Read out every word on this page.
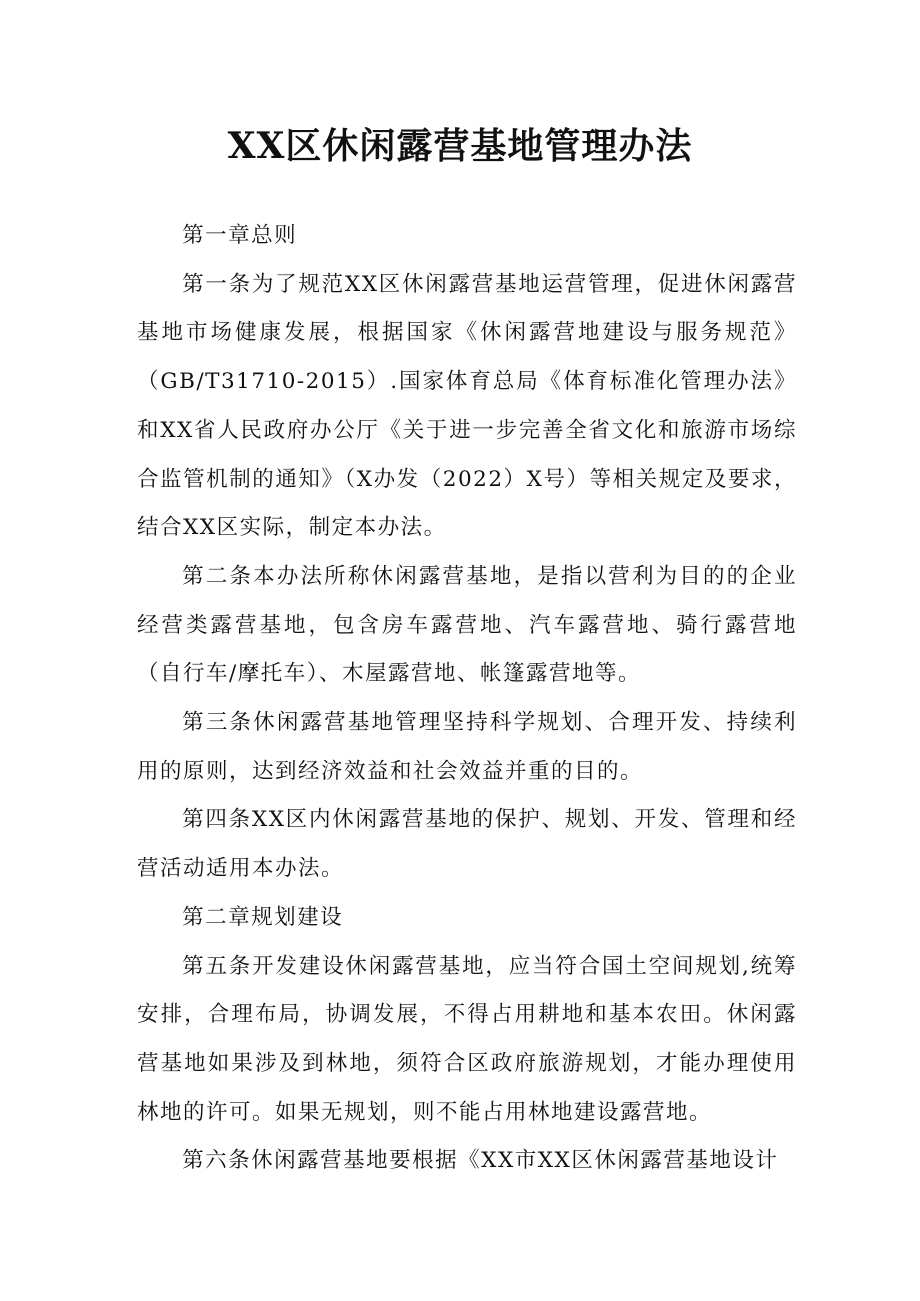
XX区休闲露营基地管理办法

第一章总则

第一条为了规范XX区休闲露营基地运营管理，促进休闲露营基地市场健康发展，根据国家《休闲露营地建设与服务规范》（GB/T31710-2015）.国家体育总局《体育标准化管理办法》和XX省人民政府办公厅《关于进一步完善全省文化和旅游市场综合监管机制的通知》（X办发（2022）X号）等相关规定及要求，结合XX区实际，制定本办法。

第二条本办法所称休闲露营基地，是指以营利为目的的企业经营类露营基地，包含房车露营地、汽车露营地、骑行露营地（自行车/摩托车）、木屋露营地、帐篷露营地等。

第三条休闲露营基地管理坚持科学规划、合理开发、持续利用的原则，达到经济效益和社会效益并重的目的。

第四条XX区内休闲露营基地的保护、规划、开发、管理和经营活动适用本办法。

第二章规划建设

第五条开发建设休闲露营基地，应当符合国土空间规划,统筹安排，合理布局，协调发展，不得占用耕地和基本农田。休闲露营基地如果涉及到林地，须符合区政府旅游规划，才能办理使用林地的许可。如果无规划，则不能占用林地建设露营地。

第六条休闲露营基地要根据《XX市XX区休闲露营基地设计
